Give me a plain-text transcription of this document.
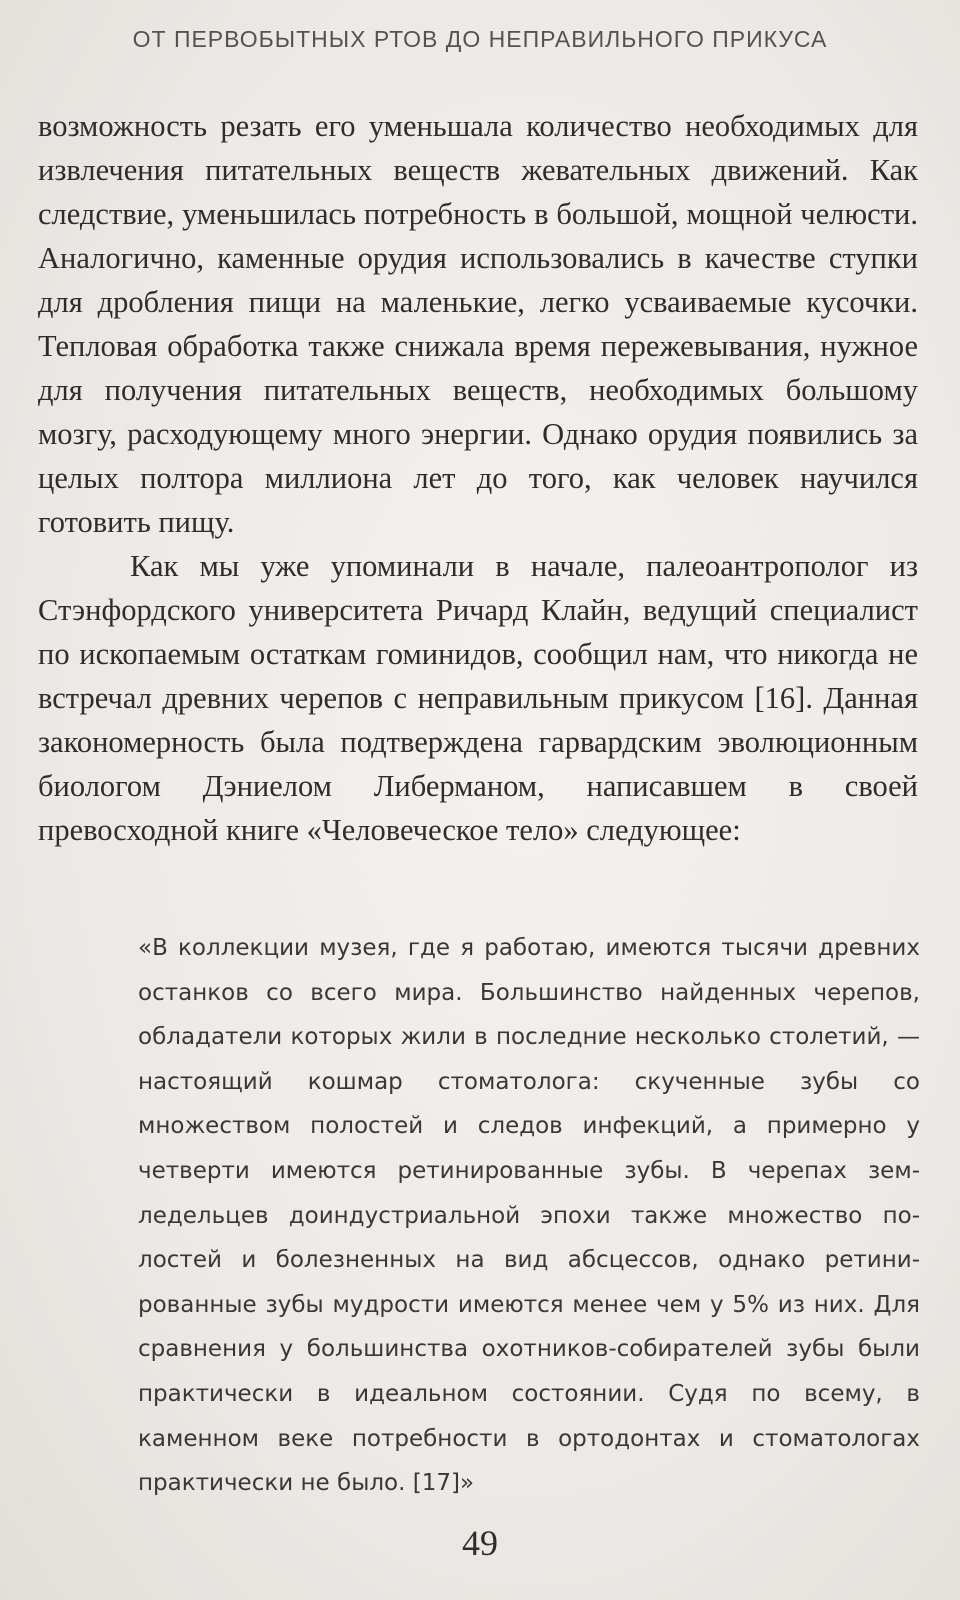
ОТ ПЕРВОБЫТНЫХ РТОВ ДО НЕПРАВИЛЬНОГО ПРИКУСА

возможность резать его уменьшала количество необходимых для извлечения питательных веществ жевательных движений. Как следствие, уменьшилась потребность в большой, мощной челюсти. Аналогично, каменные орудия использовались в качестве ступки для дробления пищи на маленькие, легко усваиваемые кусочки. Тепловая обработка также снижала время пережевывания, нужное для получения питательных веществ, необходимых большому мозгу, расходующему много энергии. Однако орудия появились за целых полтора миллиона лет до того, как человек научился готовить пищу.

Как мы уже упоминали в начале, палеоантрополог из Стэнфордского университета Ричард Клайн, ведущий специалист по ископаемым остаткам гоминидов, сообщил нам, что никогда не встречал древних черепов с неправильным прикусом [16]. Данная закономерность была подтверждена гарвардским эволюционным биологом Дэниелом Либерманом, написавшем в своей превосходной книге «Человеческое тело» следующее:

«В коллекции музея, где я работаю, имеются тысячи древних останков со всего мира. Большинство найденных черепов, обладатели которых жили в последние несколько столетий, — настоящий кошмар стоматолога: скученные зубы со множеством полостей и следов инфекций, а примерно у четверти имеются ретинированные зубы. В черепах земледельцев доиндустриальной эпохи также множество полостей и болезненных на вид абсцессов, однако ретинированные зубы мудрости имеются менее чем у 5% из них. Для сравнения у большинства охотников-собирателей зубы были практически в идеальном состоянии. Судя по всему, в каменном веке потребности в ортодонтах и стоматологах практически не было. [17]»

49
